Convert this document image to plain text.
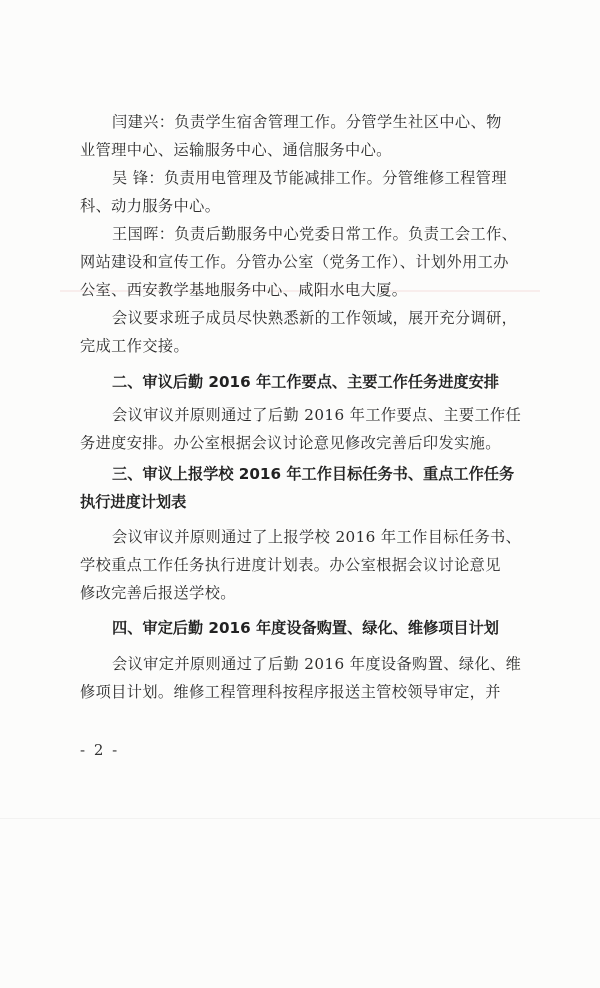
闫建兴：负责学生宿舍管理工作。分管学生社区中心、物
业管理中心、运输服务中心、通信服务中心。
吴 锋：负责用电管理及节能减排工作。分管维修工程管理
科、动力服务中心。
王国晖：负责后勤服务中心党委日常工作。负责工会工作、
网站建设和宣传工作。分管办公室（党务工作）、计划外用工办
公室、西安教学基地服务中心、咸阳水电大厦。
会议要求班子成员尽快熟悉新的工作领域，展开充分调研，
完成工作交接。
二、审议后勤 2016 年工作要点、主要工作任务进度安排
会议审议并原则通过了后勤 2016 年工作要点、主要工作任
务进度安排。办公室根据会议讨论意见修改完善后印发实施。
三、审议上报学校 2016 年工作目标任务书、重点工作任务
执行进度计划表
会议审议并原则通过了上报学校 2016 年工作目标任务书、
学校重点工作任务执行进度计划表。办公室根据会议讨论意见
修改完善后报送学校。
四、审定后勤 2016 年度设备购置、绿化、维修项目计划
会议审定并原则通过了后勤 2016 年度设备购置、绿化、维
修项目计划。维修工程管理科按程序报送主管校领导审定，并
- 2 -
